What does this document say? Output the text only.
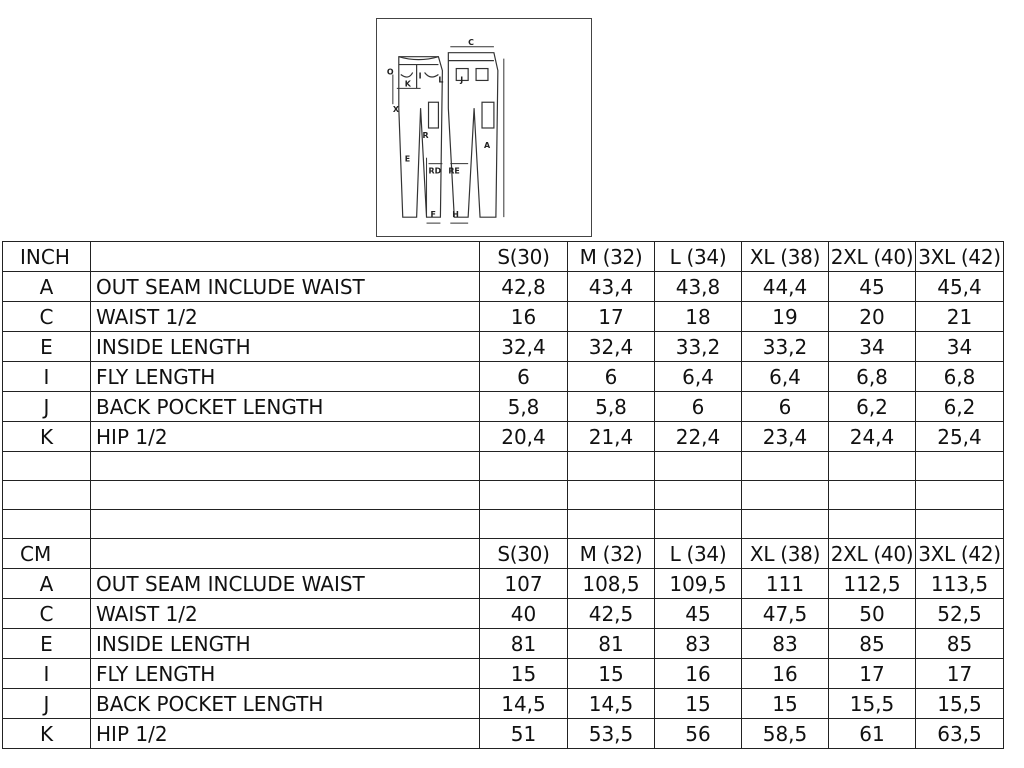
C
O
K
I L J
X
R
E
A
RD RE
F H
INCH		S(30)	M (32)	L (34)	XL (38)	2XL (40)	3XL (42)
A	OUT SEAM INCLUDE WAIST	42,8	43,4	43,8	44,4	45	45,4
C	WAIST 1/2	16	17	18	19	20	21
E	INSIDE LENGTH	32,4	32,4	33,2	33,2	34	34
I	FLY LENGTH	6	6	6,4	6,4	6,8	6,8
J	BACK POCKET LENGTH	5,8	5,8	6	6	6,2	6,2
K	HIP 1/2	20,4	21,4	22,4	23,4	24,4	25,4

CM		S(30)	M (32)	L (34)	XL (38)	2XL (40)	3XL (42)
A	OUT SEAM INCLUDE WAIST	107	108,5	109,5	111	112,5	113,5
C	WAIST 1/2	40	42,5	45	47,5	50	52,5
E	INSIDE LENGTH	81	81	83	83	85	85
I	FLY LENGTH	15	15	16	16	17	17
J	BACK POCKET LENGTH	14,5	14,5	15	15	15,5	15,5
K	HIP 1/2	51	53,5	56	58,5	61	63,5
